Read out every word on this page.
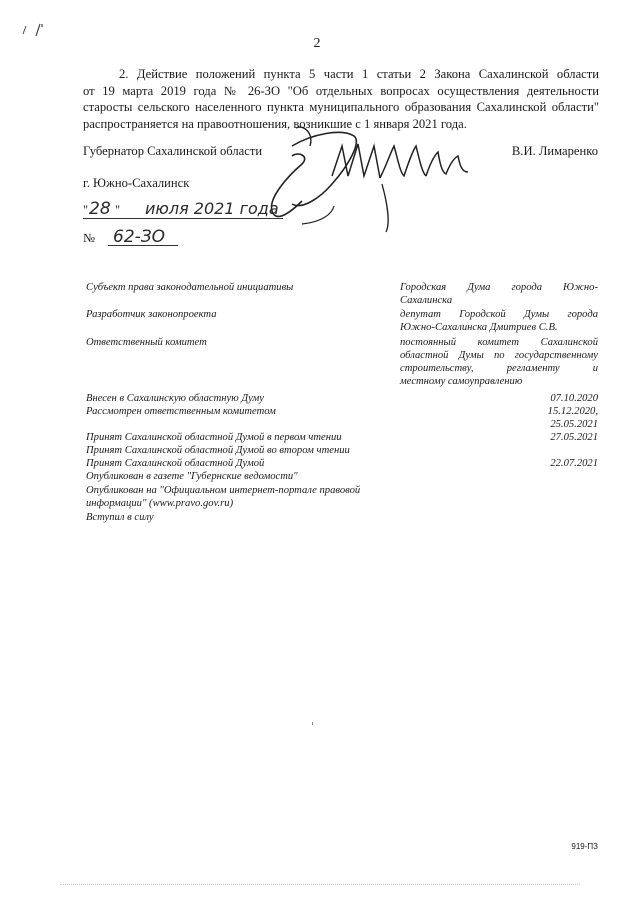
2
2. Действие положений пункта 5 части 1 статьи 2 Закона Сахалинской области
от 19 марта 2019 года № 26-ЗО "Об отдельных вопросах осуществления деятельности
старосты сельского населенного пункта муниципального образования Сахалинской области"
распространяется на правоотношения, возникшие с 1 января 2021 года.
Губернатор Сахалинской области	В.И. Лимаренко
г. Южно-Сахалинск
" 28 " июля 2021 года
№ 62-ЗО
Субъект права законодательной инициативы	Городская Дума города Южно-
Сахалинска
Разработчик законопроекта	депутат Городской Думы города
Южно-Сахалинска Дмитриев С.В.
Ответственный комитет	постоянный комитет Сахалинской
областной Думы по государственному
строительству, регламенту и
местному самоуправлению
Внесен в Сахалинскую областную Думу	07.10.2020
Рассмотрен ответственным комитетом	15.12.2020,
25.05.2021
Принят Сахалинской областной Думой в первом чтении	27.05.2021
Принят Сахалинской областной Думой во втором чтении
Принят Сахалинской областной Думой	22.07.2021
Опубликован в газете "Губернские ведомости"
Опубликован на "Официальном интернет-портале правовой
информации" (www.pravo.gov.ru)
Вступил в силу
919-ПЗ
